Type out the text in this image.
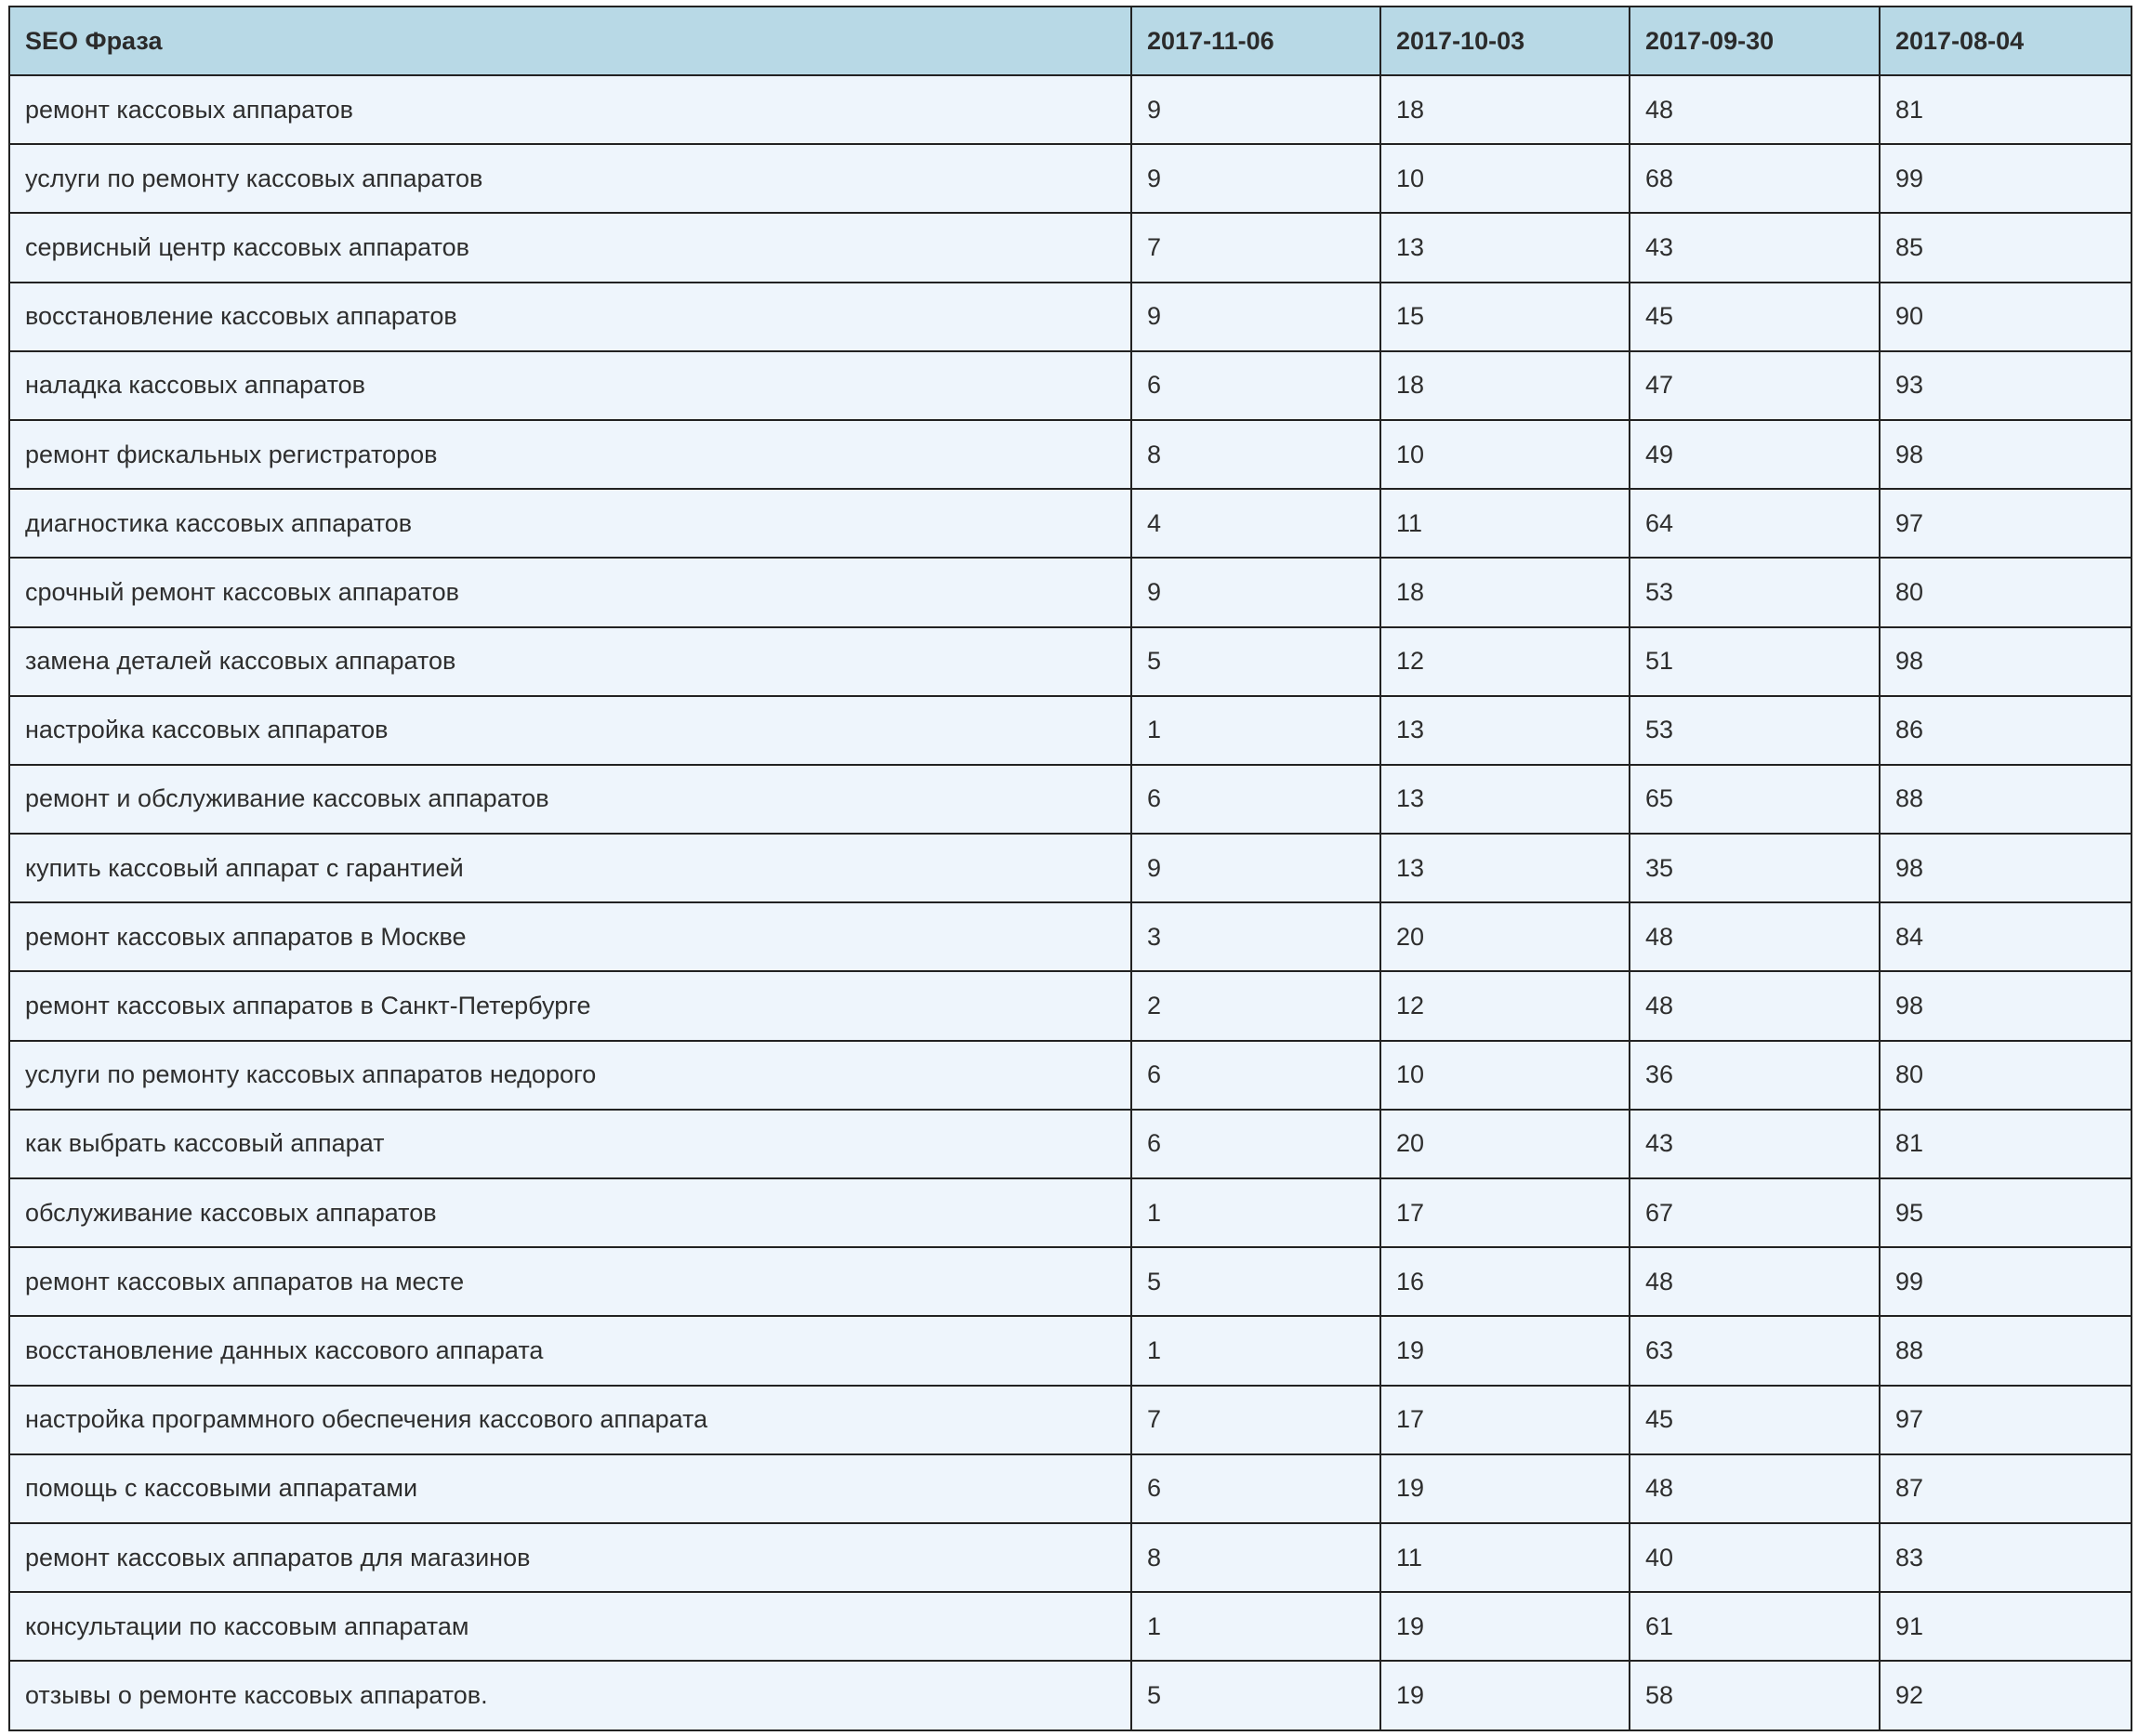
SEO Фраза	2017-11-06	2017-10-03	2017-09-30	2017-08-04
ремонт кассовых аппаратов	9	18	48	81
услуги по ремонту кассовых аппаратов	9	10	68	99
сервисный центр кассовых аппаратов	7	13	43	85
восстановление кассовых аппаратов	9	15	45	90
наладка кассовых аппаратов	6	18	47	93
ремонт фискальных регистраторов	8	10	49	98
диагностика кассовых аппаратов	4	11	64	97
срочный ремонт кассовых аппаратов	9	18	53	80
замена деталей кассовых аппаратов	5	12	51	98
настройка кассовых аппаратов	1	13	53	86
ремонт и обслуживание кассовых аппаратов	6	13	65	88
купить кассовый аппарат с гарантией	9	13	35	98
ремонт кассовых аппаратов в Москве	3	20	48	84
ремонт кассовых аппаратов в Санкт-Петербурге	2	12	48	98
услуги по ремонту кассовых аппаратов недорого	6	10	36	80
как выбрать кассовый аппарат	6	20	43	81
обслуживание кассовых аппаратов	1	17	67	95
ремонт кассовых аппаратов на месте	5	16	48	99
восстановление данных кассового аппарата	1	19	63	88
настройка программного обеспечения кассового аппарата	7	17	45	97
помощь с кассовыми аппаратами	6	19	48	87
ремонт кассовых аппаратов для магазинов	8	11	40	83
консультации по кассовым аппаратам	1	19	61	91
отзывы о ремонте кассовых аппаратов.	5	19	58	92
